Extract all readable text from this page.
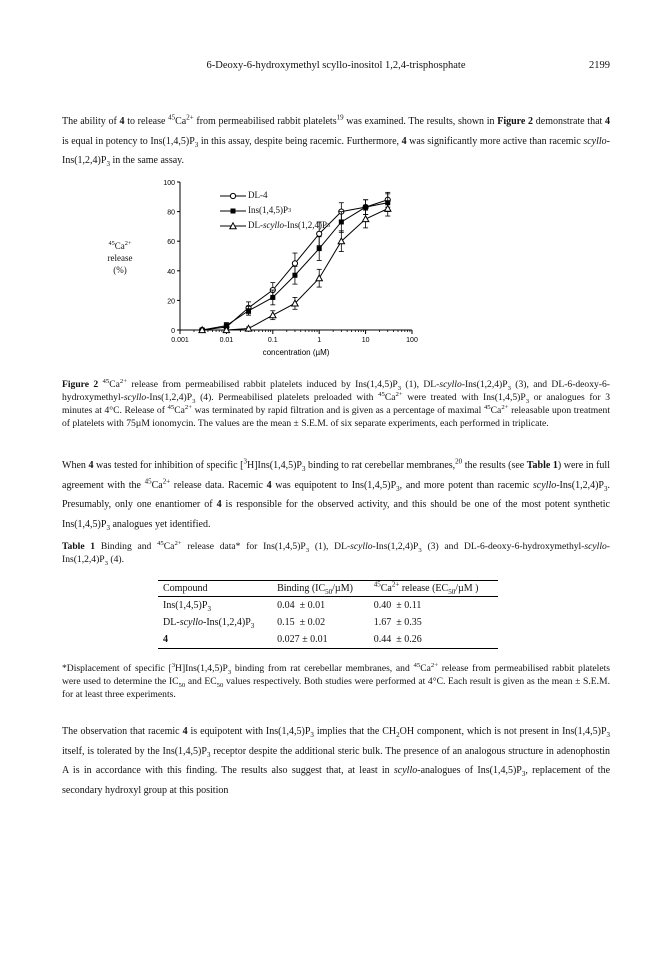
6-Deoxy-6-hydroxymethyl scyllo-inositol 1,2,4-trisphosphate	2199

The ability of 4 to release $^{45}Ca^{2+}$ from permeabilised rabbit platelets$^{19}$ was examined. The results, shown in Figure 2 demonstrate that 4 is equal in potency to $Ins(1,4,5)P_3$ in this assay, despite being racemic. Furthermore, 4 was significantly more active than racemic scyllo-$Ins(1,2,4)P_3$ in the same assay.

0
20
40
60
80
100
0.001	0.01	0.1	1	10	100
concentration (µM)
$^{45}Ca^{2+}$
release
(%)
DL -4
Ins(1,4,5)P 3
DL - scyllo -Ins(1,2,4)P 3

Figure 2 $^{45}Ca^{2+}$ release from permeabilised rabbit platelets induced by $Ins(1,4,5)P_3$ (1), $DL-scyllo-Ins(1,2,4)P_3$ (3), and $DL-6-deoxy-6-hydroxymethyl-scyllo-Ins(1,2,4)P_3$ (4). Permeabilised platelets preloaded with $^{45}Ca^{2+}$ were treated with $Ins(1,4,5)P_3$ or analogues for 3 minutes at 4°C. Release of $^{45}Ca^{2+}$ was terminated by rapid filtration and is given as a percentage of maximal $^{45}Ca^{2+}$ releasable upon treatment of platelets with 75µM ionomycin. The values are the mean ± S.E.M. of six separate experiments, each performed in triplicate.

When 4 was tested for inhibition of specific $[^3H]Ins(1,4,5)P_3$ binding to rat cerebellar membranes,$^{20}$ the results (see Table 1) were in full agreement with the $^{45}Ca^{2+}$ release data. Racemic 4 was equipotent to $Ins(1,4,5)P_3$, and more potent than racemic scyllo-$Ins(1,2,4)P_3$. Presumably, only one enantiomer of 4 is responsible for the observed activity, and this should be one of the most potent synthetic $Ins(1,4,5)P_3$ analogues yet identified.

Table 1 Binding and $^{45}Ca^{2+}$ release data* for $Ins(1,4,5)P_3$ (1), $DL-scyllo-Ins(1,2,4)P_3$ (3) and $DL-6-deoxy-6-hydroxymethyl-scyllo-Ins(1,2,4)P_3$ (4).

Compound	Binding $(IC_{50}/\mu M)$	$^{45}Ca^{2+}$ release ($EC_{50}/\mu M$ )
$Ins(1,4,5)P_3$	0.04  ± 0.01	0.40  ± 0.11
$DL-scyllo-Ins(1,2,4)P_3$	0.15  ± 0.02	1.67  ± 0.35
4	0.027 ± 0.01	0.44  ± 0.26

*Displacement of specific $[^3H]Ins(1,4,5)P_3$ binding from rat cerebellar membranes, and $^{45}Ca^{2+}$ release from permeabilised rabbit platelets were used to determine the $IC_{50}$ and $EC_{50}$ values respectively. Both studies were performed at 4°C. Each result is given as the mean ± S.E.M. for at least three experiments.

The observation that racemic 4 is equipotent with $Ins(1,4,5)P_3$ implies that the $CH_2OH$ component, which is not present in $Ins(1,4,5)P_3$ itself, is tolerated by the $Ins(1,4,5)P_3$ receptor despite the additional steric bulk. The presence of an analogous structure in adenophostin A is in accordance with this finding. The results also suggest that, at least in scyllo-analogues of $Ins(1,4,5)P_3$, replacement of the secondary hydroxyl group at this position
